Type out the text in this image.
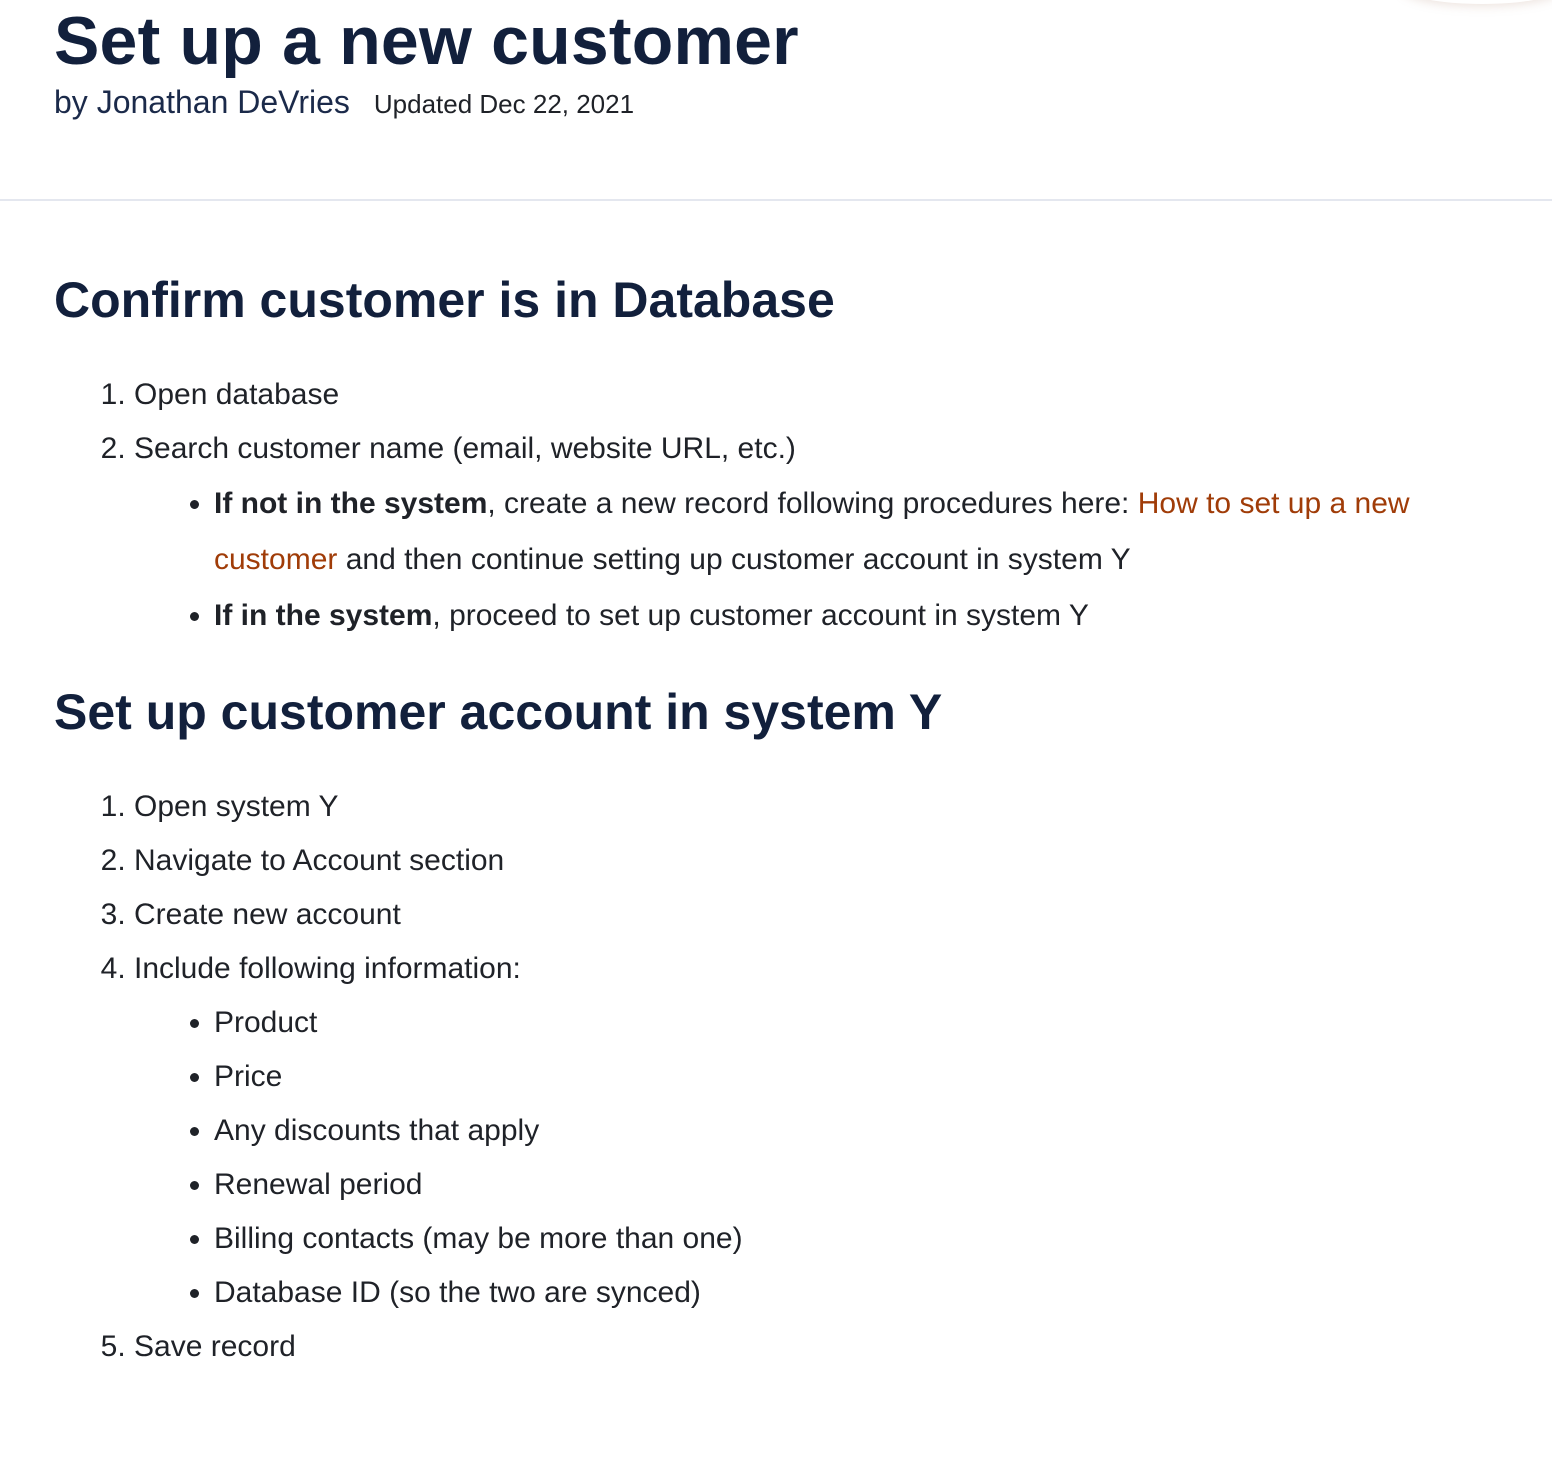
Set up a new customer
by Jonathan DeVries Updated Dec 22, 2021
Confirm customer is in Database
1. Open database
2. Search customer name (email, website URL, etc.)
• If not in the system, create a new record following procedures here: How to set up a new customer and then continue setting up customer account in system Y
• If in the system, proceed to set up customer account in system Y
Set up customer account in system Y
1. Open system Y
2. Navigate to Account section
3. Create new account
4. Include following information:
• Product
• Price
• Any discounts that apply
• Renewal period
• Billing contacts (may be more than one)
• Database ID (so the two are synced)
5. Save record
